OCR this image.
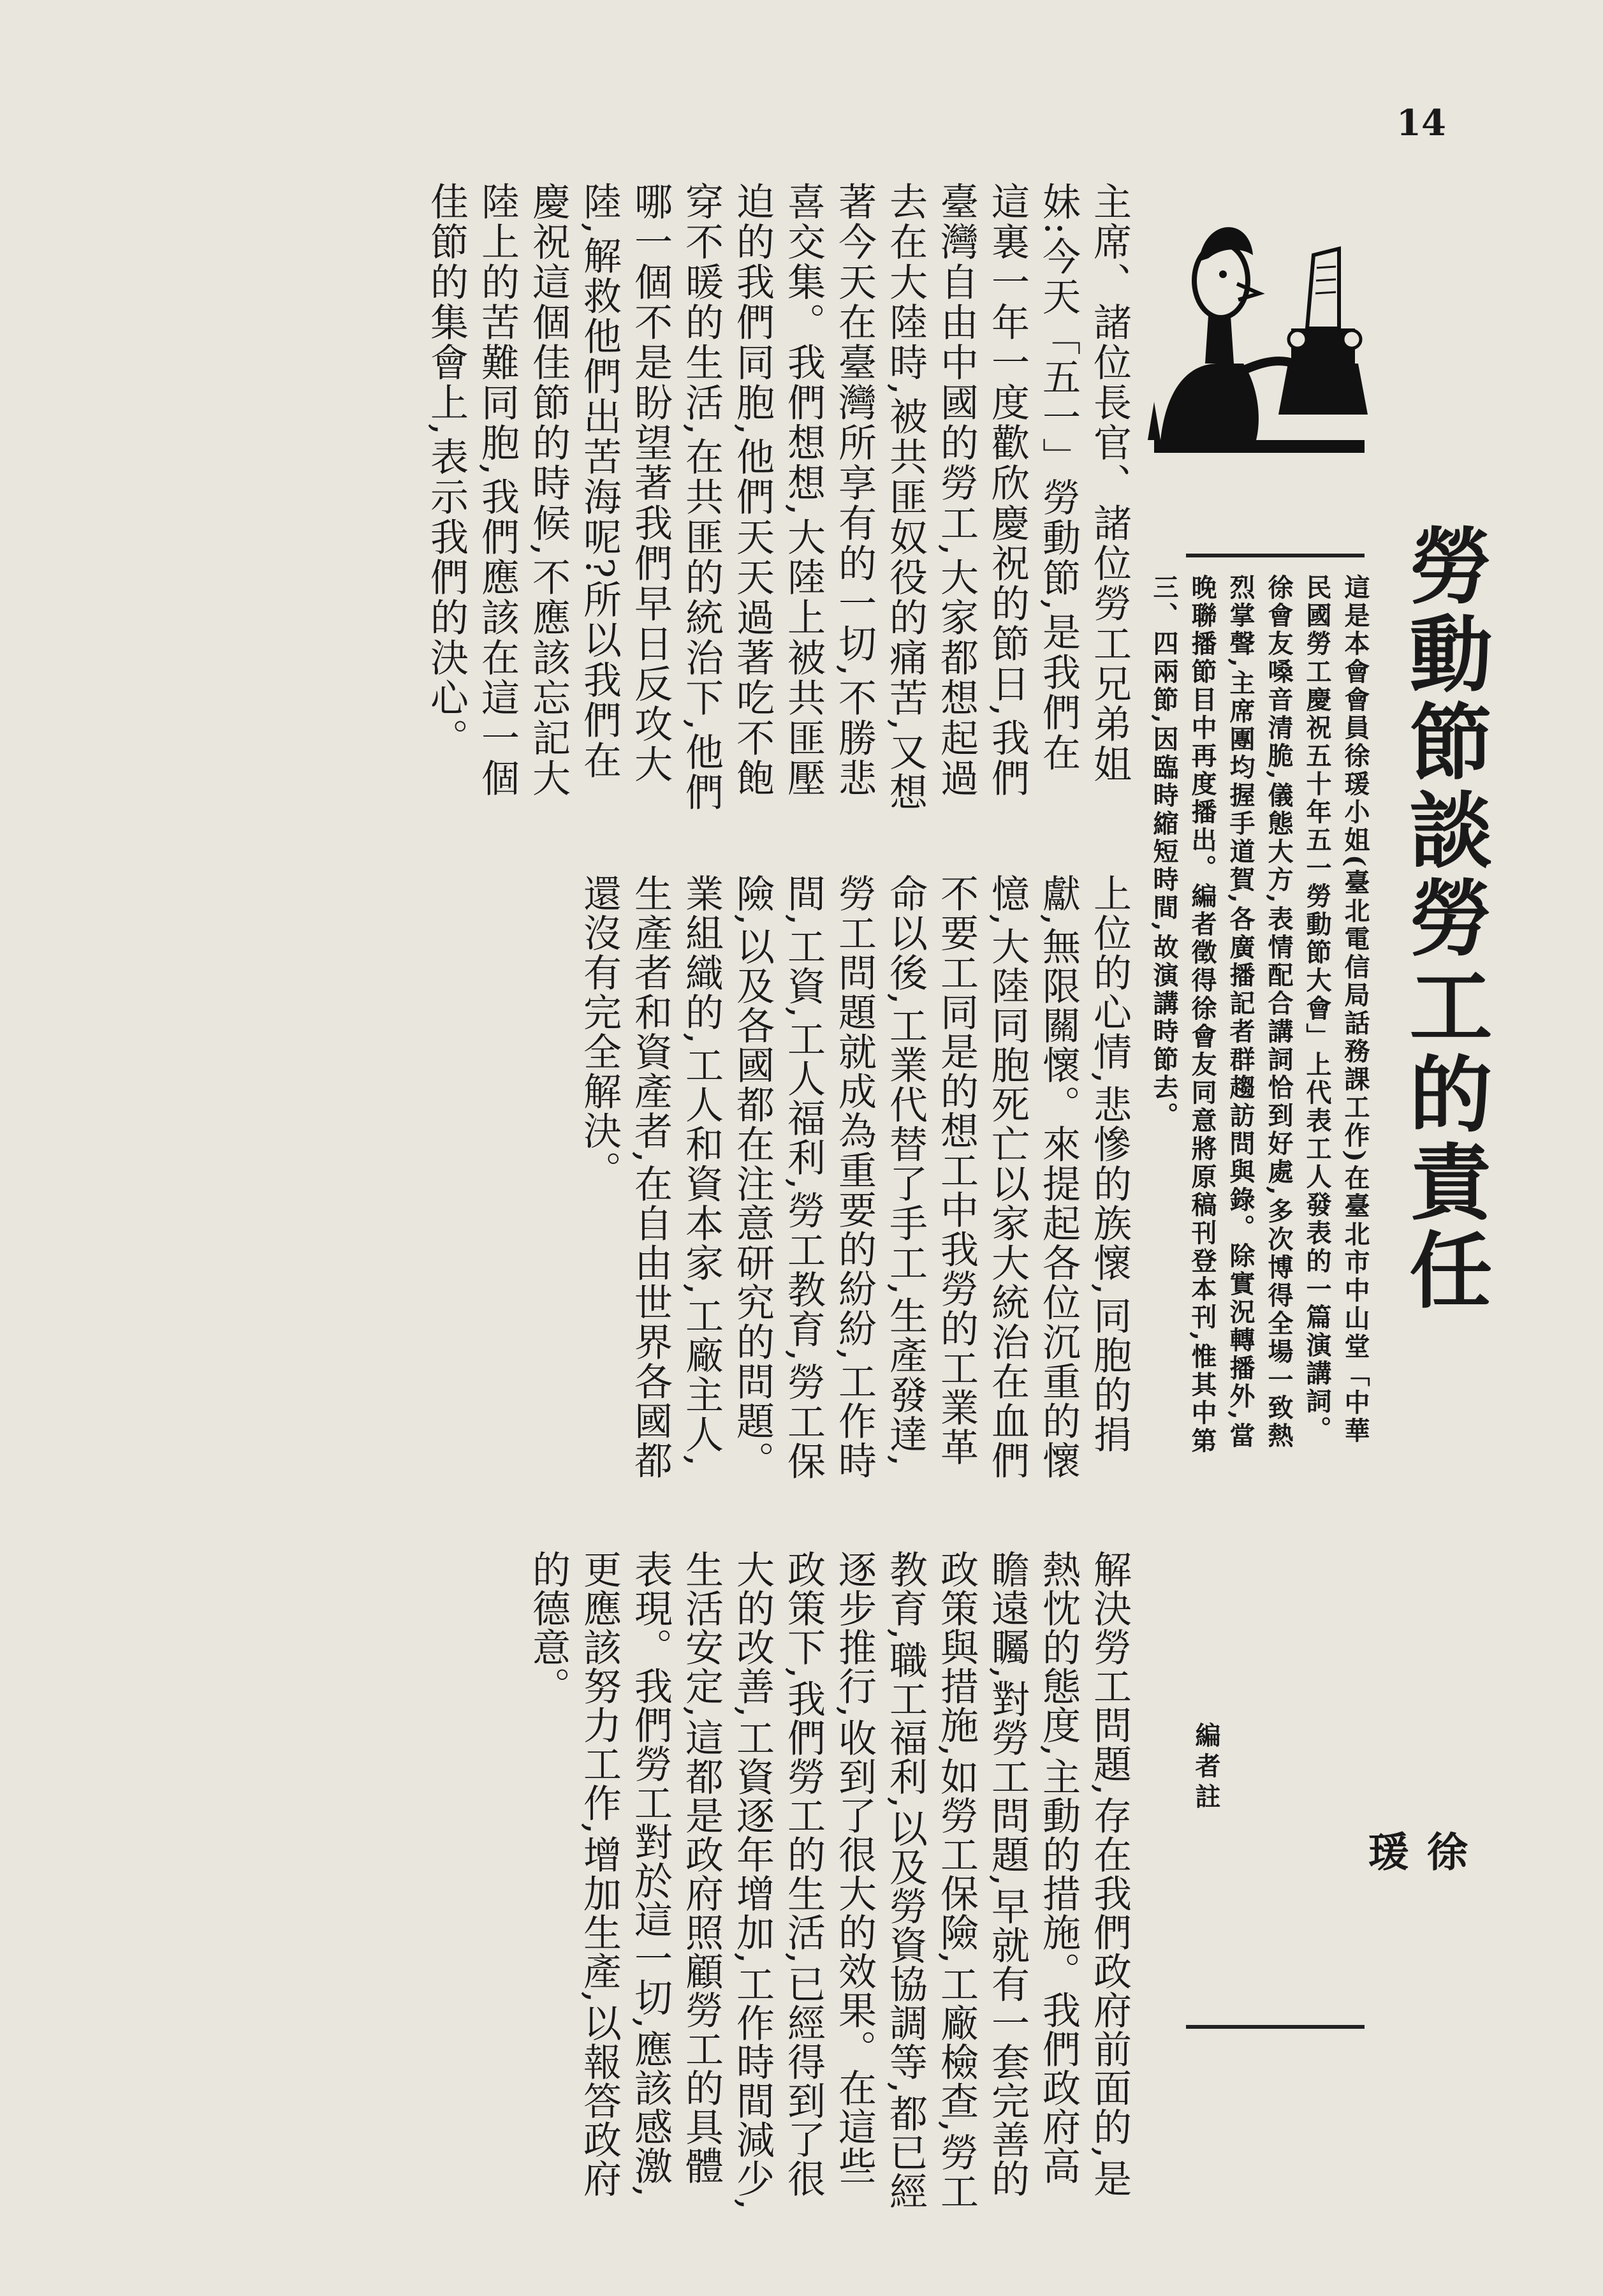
14
主席、諸位長官、諸位勞工兄弟姐妹:今天「五一」勞動節,是我們在這裏一年一度歡欣慶祝的節日,我們臺灣自由中國的勞工,大家都想起過去在大陸時,被共匪奴役的痛苦,又想著今天在臺灣所享有的一切,不勝悲喜交集。我們想想,大陸上被共匪壓迫的我們同胞,他們天天過著吃不飽穿不暖的生活,在共匪的統治下,他們哪一個不是盼望著我們早日反攻大陸,解救他們出苦海呢?所以我們在慶祝這個佳節的時候,不應該忘記大陸上的苦難同胞,我們應該在這一個佳節的集會上,表示我們的決心。
上位的心情,悲慘的族懷,同胞的捐獻,無限關懷。來提起各位沉重的懷憶,大陸同胞死亡以家大統治在血們不要工同是的想工中我勞的工業革命以後,工業代替了手工,生產發達,勞工問題就成為重要的紛紛,工作時間,工資,工人福利,勞工教育,勞工保險,以及各國都在注意研究的問題。業組織的,工人和資本家,工廠主人,生產者和資產者,在自由世界各國都還沒有完全解決。
解決勞工問題,存在我們政府前面的,是熱忱的態度,主動的措施。我們政府高瞻遠矚,對勞工問題,早就有一套完善的政策與措施,如勞工保險,工廠檢查,勞工教育,職工福利,以及勞資協調等,都已經逐步推行,收到了很大的效果。在這些政策下,我們勞工的生活,已經得到了很大的改善,工資逐年增加,工作時間減少,生活安定,這都是政府照顧勞工的具體表現。我們勞工對於這一切,應該感激,更應該努力工作,增加生產,以報答政府的德意。
這是本會會員徐瑗小姐(臺北電信局話務課工作)在臺北市中山堂「中華民國勞工慶祝五十年五一勞動節大會」上代表工人發表的一篇演講詞。徐會友嗓音清脆,儀態大方,表情配合講詞恰到好處,多次博得全場一致熱烈掌聲,主席團均握手道賀,各廣播記者群趨訪問與錄。除實況轉播外,當晚聯播節目中再度播出。編者徵得徐會友同意將原稿刊登本刊,惟其中第三、四兩節,因臨時縮短時間,故演講時節去。
編者註
勞動節談勞工的責任
徐 瑗
